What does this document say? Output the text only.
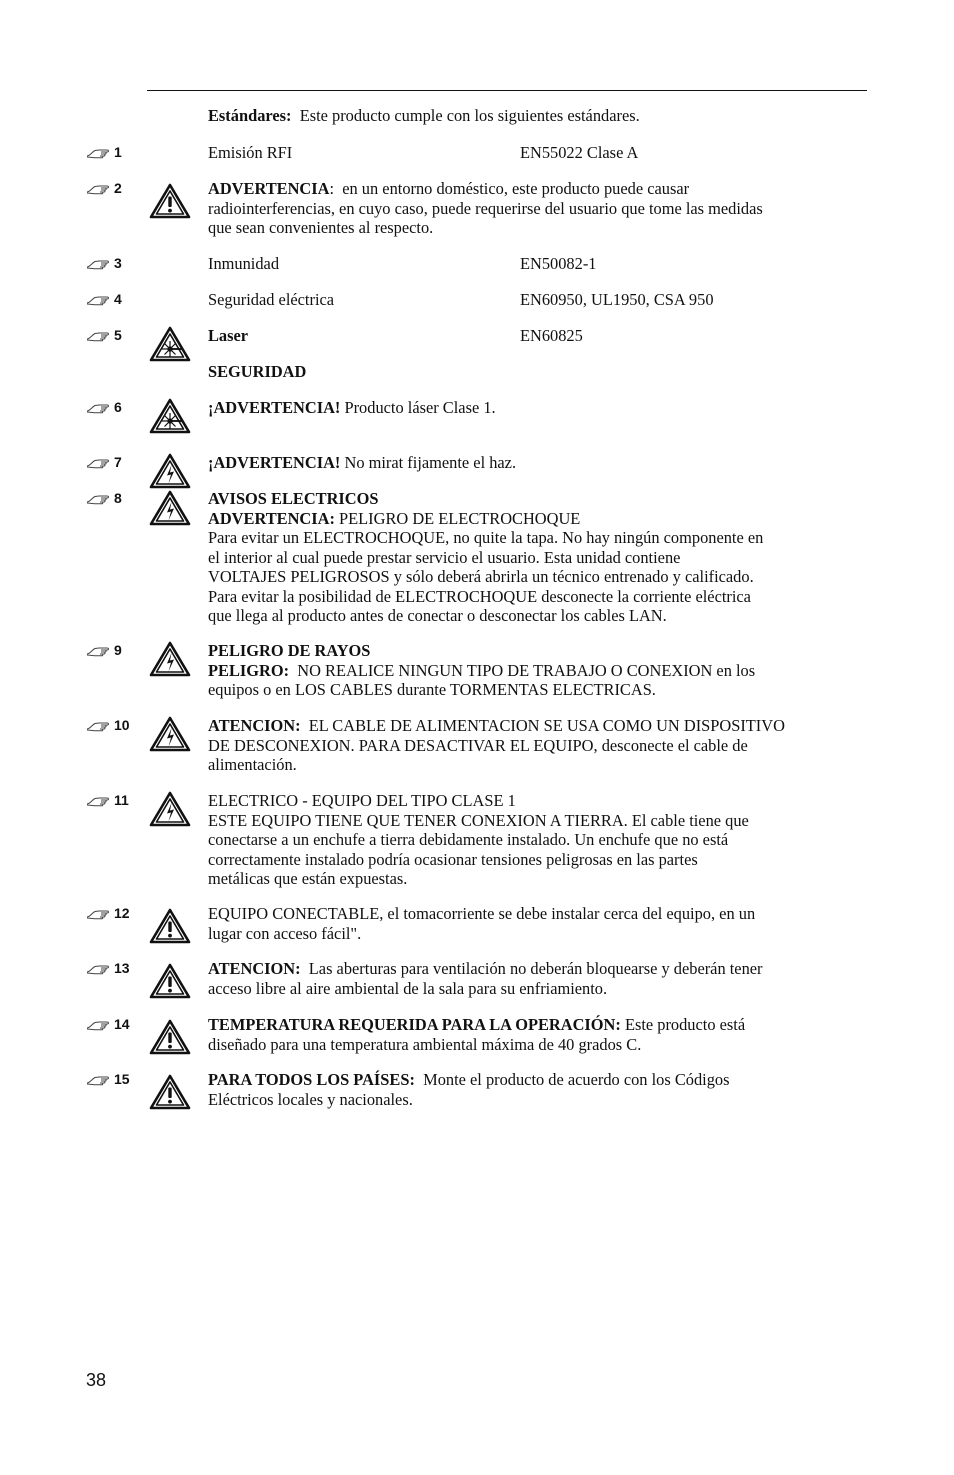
Estándares: Este producto cumple con los siguientes estándares.
1	Emisión RFI	EN55022 Clase A
2	ADVERTENCIA: en un entorno doméstico, este producto puede causar
radiointerferencias, en cuyo caso, puede requerirse del usuario que tome las medidas
que sean convenientes al respecto.
3	Inmunidad	EN50082-1
4	Seguridad eléctrica	EN60950, UL1950, CSA 950
5	Laser	EN60825
SEGURIDAD
6	¡ADVERTENCIA! Producto láser Clase 1.
7	¡ADVERTENCIA! No mirat fijamente el haz.
8	AVISOS ELECTRICOS
ADVERTENCIA: PELIGRO DE ELECTROCHOQUE
Para evitar un ELECTROCHOQUE, no quite la tapa. No hay ningún componente en
el interior al cual puede prestar servicio el usuario. Esta unidad contiene
VOLTAJES PELIGROSOS y sólo deberá abrirla un técnico entrenado y calificado.
Para evitar la posibilidad de ELECTROCHOQUE desconecte la corriente eléctrica
que llega al producto antes de conectar o desconectar los cables LAN.
9	PELIGRO DE RAYOS
PELIGRO: NO REALICE NINGUN TIPO DE TRABAJO O CONEXION en los
equipos o en LOS CABLES durante TORMENTAS ELECTRICAS.
10	ATENCION: EL CABLE DE ALIMENTACION SE USA COMO UN DISPOSITIVO
DE DESCONEXION. PARA DESACTIVAR EL EQUIPO, desconecte el cable de
alimentación.
11	ELECTRICO - EQUIPO DEL TIPO CLASE 1
ESTE EQUIPO TIENE QUE TENER CONEXION A TIERRA. El cable tiene que
conectarse a un enchufe a tierra debidamente instalado. Un enchufe que no está
correctamente instalado podría ocasionar tensiones peligrosas en las partes
metálicas que están expuestas.
12	EQUIPO CONECTABLE, el tomacorriente se debe instalar cerca del equipo, en un
lugar con acceso fácil".
13	ATENCION: Las aberturas para ventilación no deberán bloquearse y deberán tener
acceso libre al aire ambiental de la sala para su enfriamiento.
14	TEMPERATURA REQUERIDA PARA LA OPERACIÓN: Este producto está
diseñado para una temperatura ambiental máxima de 40 grados C.
15	PARA TODOS LOS PAÍSES: Monte el producto de acuerdo con los Códigos
Eléctricos locales y nacionales.
38
